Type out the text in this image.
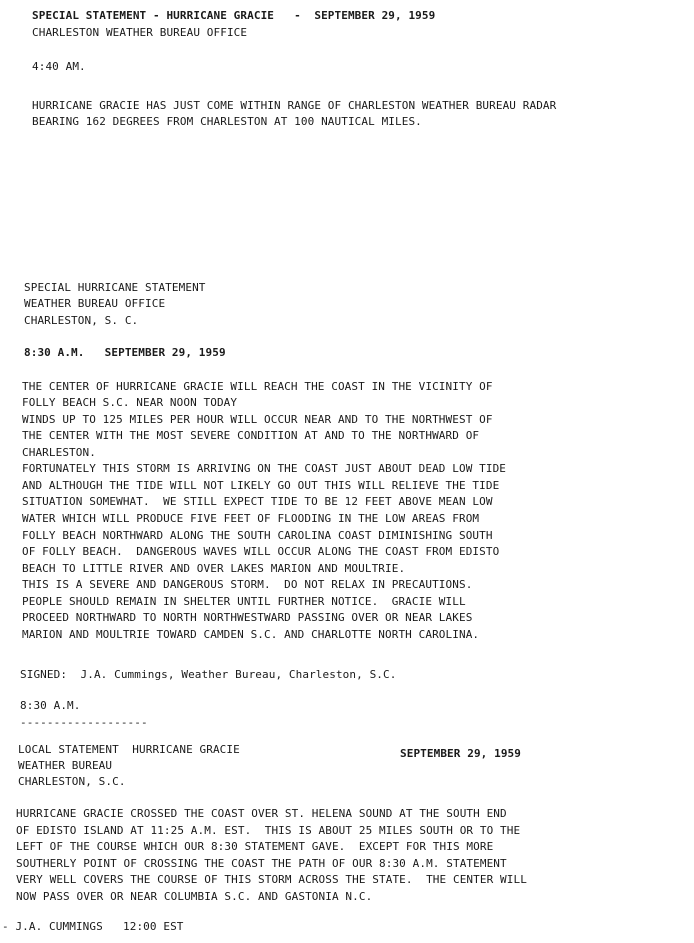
SPECIAL STATEMENT - HURRICANE GRACIE   -  SEPTEMBER 29, 1959
CHARLESTON WEATHER BUREAU OFFICE
4:40 AM.
HURRICANE GRACIE HAS JUST COME WITHIN RANGE OF CHARLESTON WEATHER BUREAU RADAR
BEARING 162 DEGREES FROM CHARLESTON AT 100 NAUTICAL MILES.
SPECIAL HURRICANE STATEMENT
WEATHER BUREAU OFFICE
CHARLESTON, S. C.
8:30 A.M.   SEPTEMBER 29, 1959
THE CENTER OF HURRICANE GRACIE WILL REACH THE COAST IN THE VICINITY OF
FOLLY BEACH S.C. NEAR NOON TODAY
WINDS UP TO 125 MILES PER HOUR WILL OCCUR NEAR AND TO THE NORTHWEST OF
THE CENTER WITH THE MOST SEVERE CONDITION AT AND TO THE NORTHWARD OF
CHARLESTON.
FORTUNATELY THIS STORM IS ARRIVING ON THE COAST JUST ABOUT DEAD LOW TIDE
AND ALTHOUGH THE TIDE WILL NOT LIKELY GO OUT THIS WILL RELIEVE THE TIDE
SITUATION SOMEWHAT.  WE STILL EXPECT TIDE TO BE 12 FEET ABOVE MEAN LOW
WATER WHICH WILL PRODUCE FIVE FEET OF FLOODING IN THE LOW AREAS FROM
FOLLY BEACH NORTHWARD ALONG THE SOUTH CAROLINA COAST DIMINISHING SOUTH
OF FOLLY BEACH.  DANGEROUS WAVES WILL OCCUR ALONG THE COAST FROM EDISTO
BEACH TO LITTLE RIVER AND OVER LAKES MARION AND MOULTRIE.
THIS IS A SEVERE AND DANGEROUS STORM.  DO NOT RELAX IN PRECAUTIONS.
PEOPLE SHOULD REMAIN IN SHELTER UNTIL FURTHER NOTICE.  GRACIE WILL
PROCEED NORTHWARD TO NORTH NORTHWESTWARD PASSING OVER OR NEAR LAKES
MARION AND MOULTRIE TOWARD CAMDEN S.C. AND CHARLOTTE NORTH CAROLINA.
SIGNED:  J.A. Cummings, Weather Bureau, Charleston, S.C.
8:30 A.M.
-------------------
LOCAL STATEMENT  HURRICANE GRACIE	SEPTEMBER 29, 1959
WEATHER BUREAU
CHARLESTON, S.C.
HURRICANE GRACIE CROSSED THE COAST OVER ST. HELENA SOUND AT THE SOUTH END
OF EDISTO ISLAND AT 11:25 A.M. EST.  THIS IS ABOUT 25 MILES SOUTH OR TO THE
LEFT OF THE COURSE WHICH OUR 8:30 STATEMENT GAVE.  EXCEPT FOR THIS MORE
SOUTHERLY POINT OF CROSSING THE COAST THE PATH OF OUR 8:30 A.M. STATEMENT
VERY WELL COVERS THE COURSE OF THIS STORM ACROSS THE STATE.  THE CENTER WILL
NOW PASS OVER OR NEAR COLUMBIA S.C. AND GASTONIA N.C.
- J.A. CUMMINGS   12:00 EST
